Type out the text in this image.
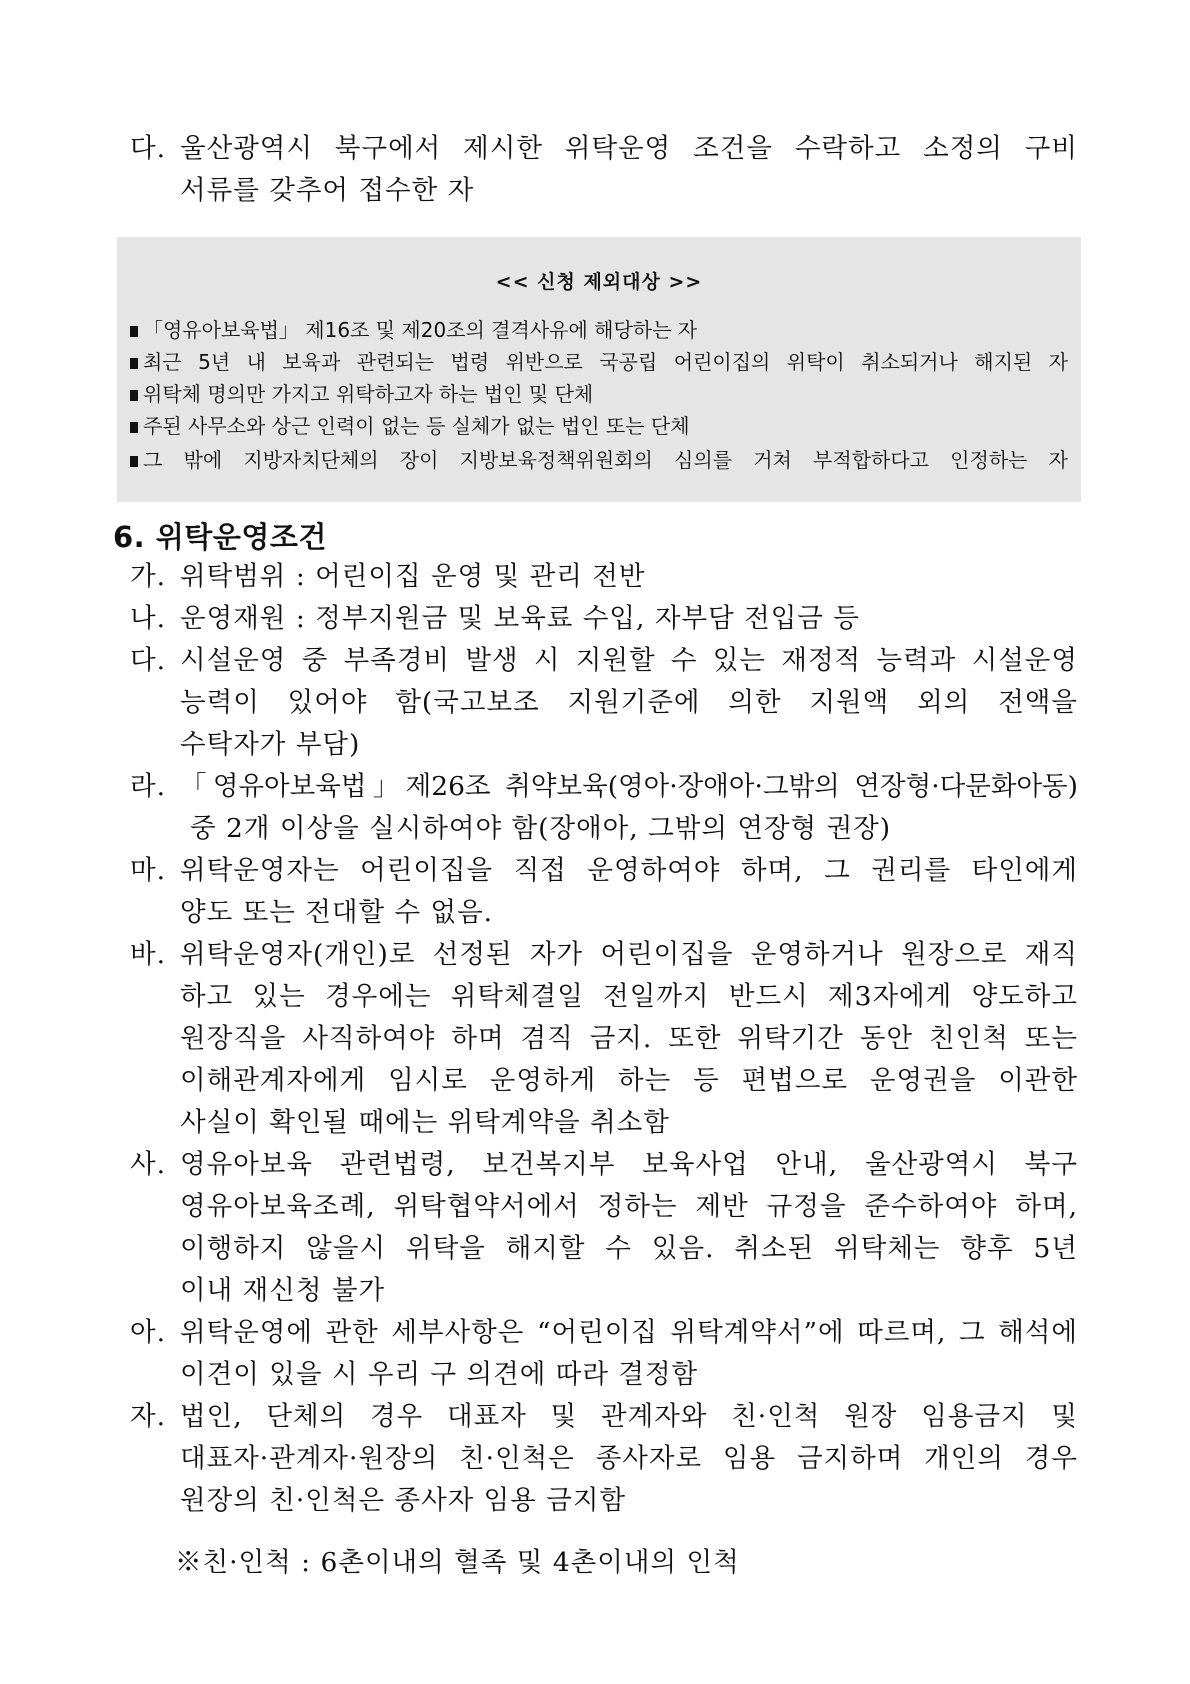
다. 울산광역시 북구에서 제시한 위탁운영 조건을 수락하고 소정의 구비
서류를 갖추어 접수한 자
<< 신청 제외대상 >>
「영유아보육법」 제16조 및 제20조의 결격사유에 해당하는 자
최근 5년 내 보육과 관련되는 법령 위반으로 국공립 어린이집의 위탁이 취소되거나 해지된 자
위탁체 명의만 가지고 위탁하고자 하는 법인 및 단체
주된 사무소와 상근 인력이 없는 등 실체가 없는 법인 또는 단체
그 밖에 지방자치단체의 장이 지방보육정책위원회의 심의를 거쳐 부적합하다고 인정하는 자
6. 위탁운영조건
가. 위탁범위 : 어린이집 운영 및 관리 전반
나. 운영재원 : 정부지원금 및 보육료 수입, 자부담 전입금 등
다. 시설운영 중 부족경비 발생 시 지원할 수 있는 재정적 능력과 시설운영
능력이 있어야 함(국고보조 지원기준에 의한 지원액 외의 전액을
수탁자가 부담)
라. 「영유아보육법」제26조 취약보육(영아·장애아·그밖의 연장형·다문화아동)
중 2개 이상을 실시하여야 함(장애아, 그밖의 연장형 권장)
마. 위탁운영자는 어린이집을 직접 운영하여야 하며, 그 권리를 타인에게
양도 또는 전대할 수 없음.
바. 위탁운영자(개인)로 선정된 자가 어린이집을 운영하거나 원장으로 재직
하고 있는 경우에는 위탁체결일 전일까지 반드시 제3자에게 양도하고
원장직을 사직하여야 하며 겸직 금지. 또한 위탁기간 동안 친인척 또는
이해관계자에게 임시로 운영하게 하는 등 편법으로 운영권을 이관한
사실이 확인될 때에는 위탁계약을 취소함
사. 영유아보육 관련법령, 보건복지부 보육사업 안내, 울산광역시 북구
영유아보육조례, 위탁협약서에서 정하는 제반 규정을 준수하여야 하며,
이행하지 않을시 위탁을 해지할 수 있음. 취소된 위탁체는 향후 5년
이내 재신청 불가
아. 위탁운영에 관한 세부사항은 “어린이집 위탁계약서”에 따르며, 그 해석에
이견이 있을 시 우리 구 의견에 따라 결정함
자. 법인, 단체의 경우 대표자 및 관계자와 친·인척 원장 임용금지 및
대표자·관계자·원장의 친·인척은 종사자로 임용 금지하며 개인의 경우
원장의 친·인척은 종사자 임용 금지함
※친·인척 : 6촌이내의 혈족 및 4촌이내의 인척
